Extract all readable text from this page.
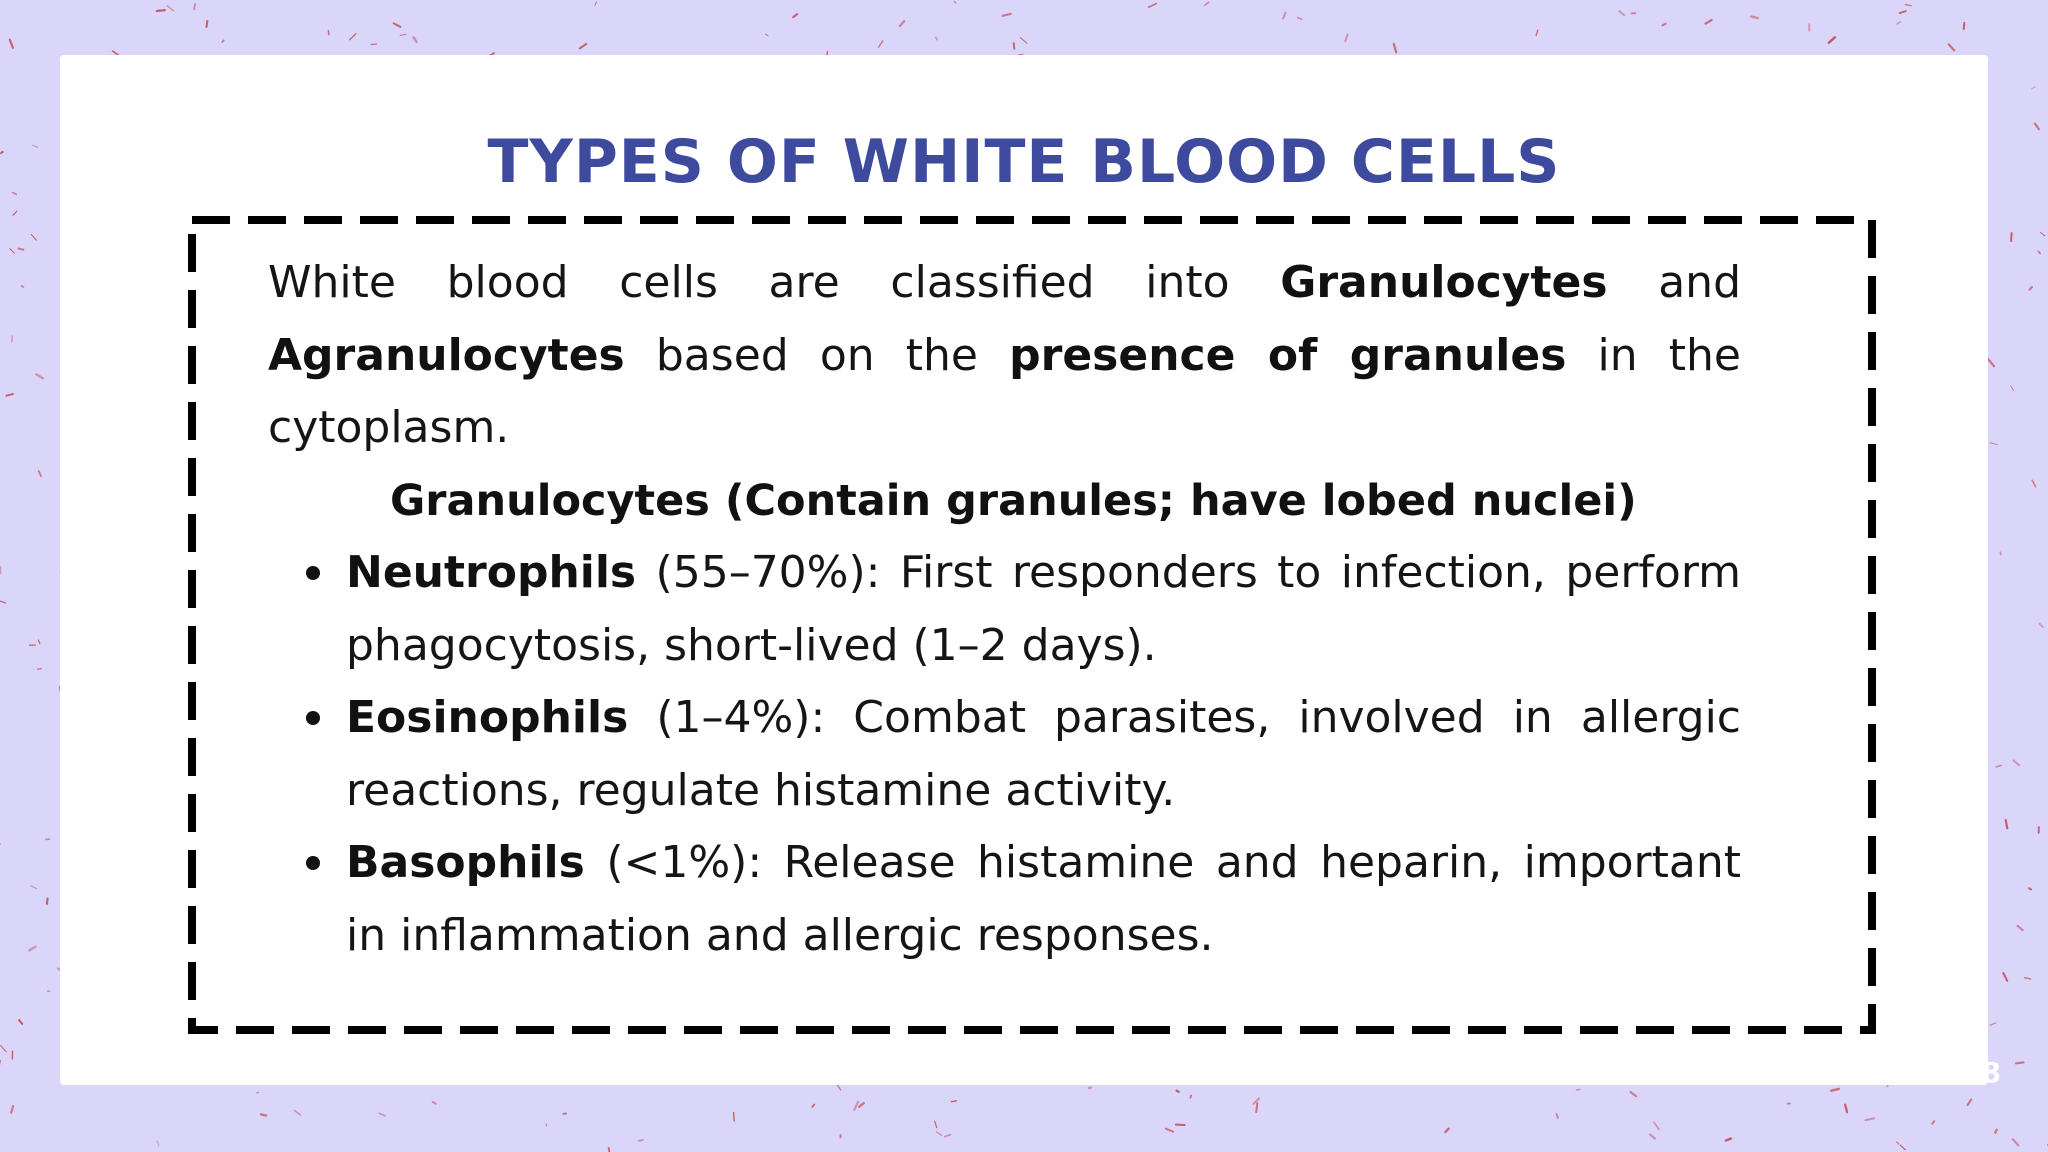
TYPES OF WHITE BLOOD CELLS

White blood cells are classified into Granulocytes and Agranulocytes based on the presence of granules in the cytoplasm.

Granulocytes (Contain granules; have lobed nuclei)

Neutrophils (55–70%): First responders to infection, perform phagocytosis, short-lived (1–2 days).
Eosinophils (1–4%): Combat parasites, involved in allergic reactions, regulate histamine activity.
Basophils (<1%): Release histamine and heparin, important in inflammation and allergic responses.
68
